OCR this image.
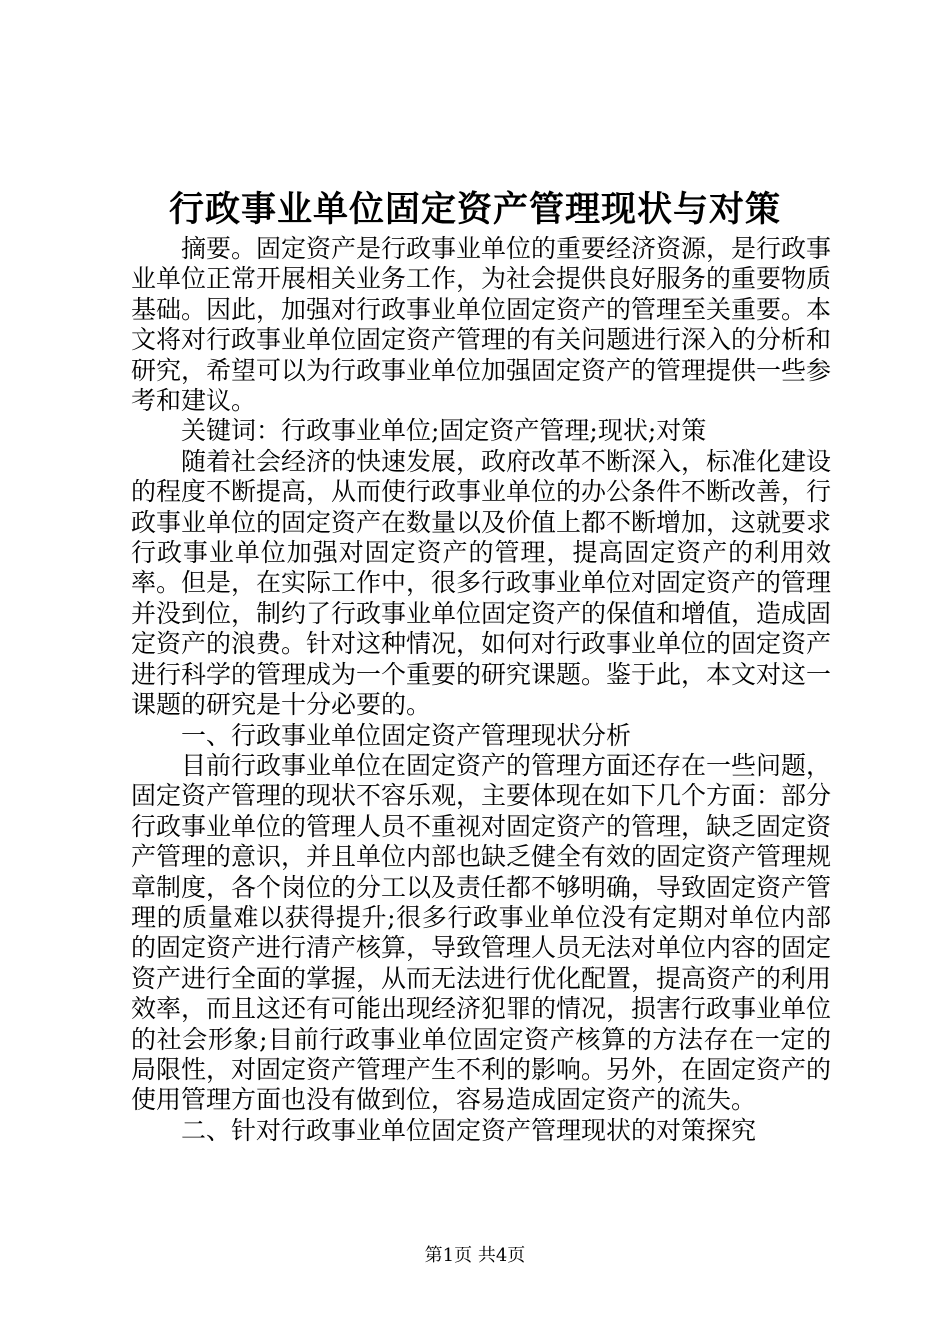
行政事业单位固定资产管理现状与对策

摘要。固定资产是行政事业单位的重要经济资源，是行政事业单位正常开展相关业务工作，为社会提供良好服务的重要物质基础。因此，加强对行政事业单位固定资产的管理至关重要。本文将对行政事业单位固定资产管理的有关问题进行深入的分析和研究，希望可以为行政事业单位加强固定资产的管理提供一些参考和建议。

关键词：行政事业单位;固定资产管理;现状;对策

随着社会经济的快速发展，政府改革不断深入，标准化建设的程度不断提高，从而使行政事业单位的办公条件不断改善，行政事业单位的固定资产在数量以及价值上都不断增加，这就要求行政事业单位加强对固定资产的管理，提高固定资产的利用效率。但是，在实际工作中，很多行政事业单位对固定资产的管理并没到位，制约了行政事业单位固定资产的保值和增值，造成固定资产的浪费。针对这种情况，如何对行政事业单位的固定资产进行科学的管理成为一个重要的研究课题。鉴于此，本文对这一课题的研究是十分必要的。

一、行政事业单位固定资产管理现状分析

目前行政事业单位在固定资产的管理方面还存在一些问题，固定资产管理的现状不容乐观，主要体现在如下几个方面：部分行政事业单位的管理人员不重视对固定资产的管理，缺乏固定资产管理的意识，并且单位内部也缺乏健全有效的固定资产管理规章制度，各个岗位的分工以及责任都不够明确，导致固定资产管理的质量难以获得提升;很多行政事业单位没有定期对单位内部的固定资产进行清产核算，导致管理人员无法对单位内容的固定资产进行全面的掌握，从而无法进行优化配置，提高资产的利用效率，而且这还有可能出现经济犯罪的情况，损害行政事业单位的社会形象;目前行政事业单位固定资产核算的方法存在一定的局限性，对固定资产管理产生不利的影响。另外，在固定资产的使用管理方面也没有做到位，容易造成固定资产的流失。

二、针对行政事业单位固定资产管理现状的对策探究

第1页 共4页
